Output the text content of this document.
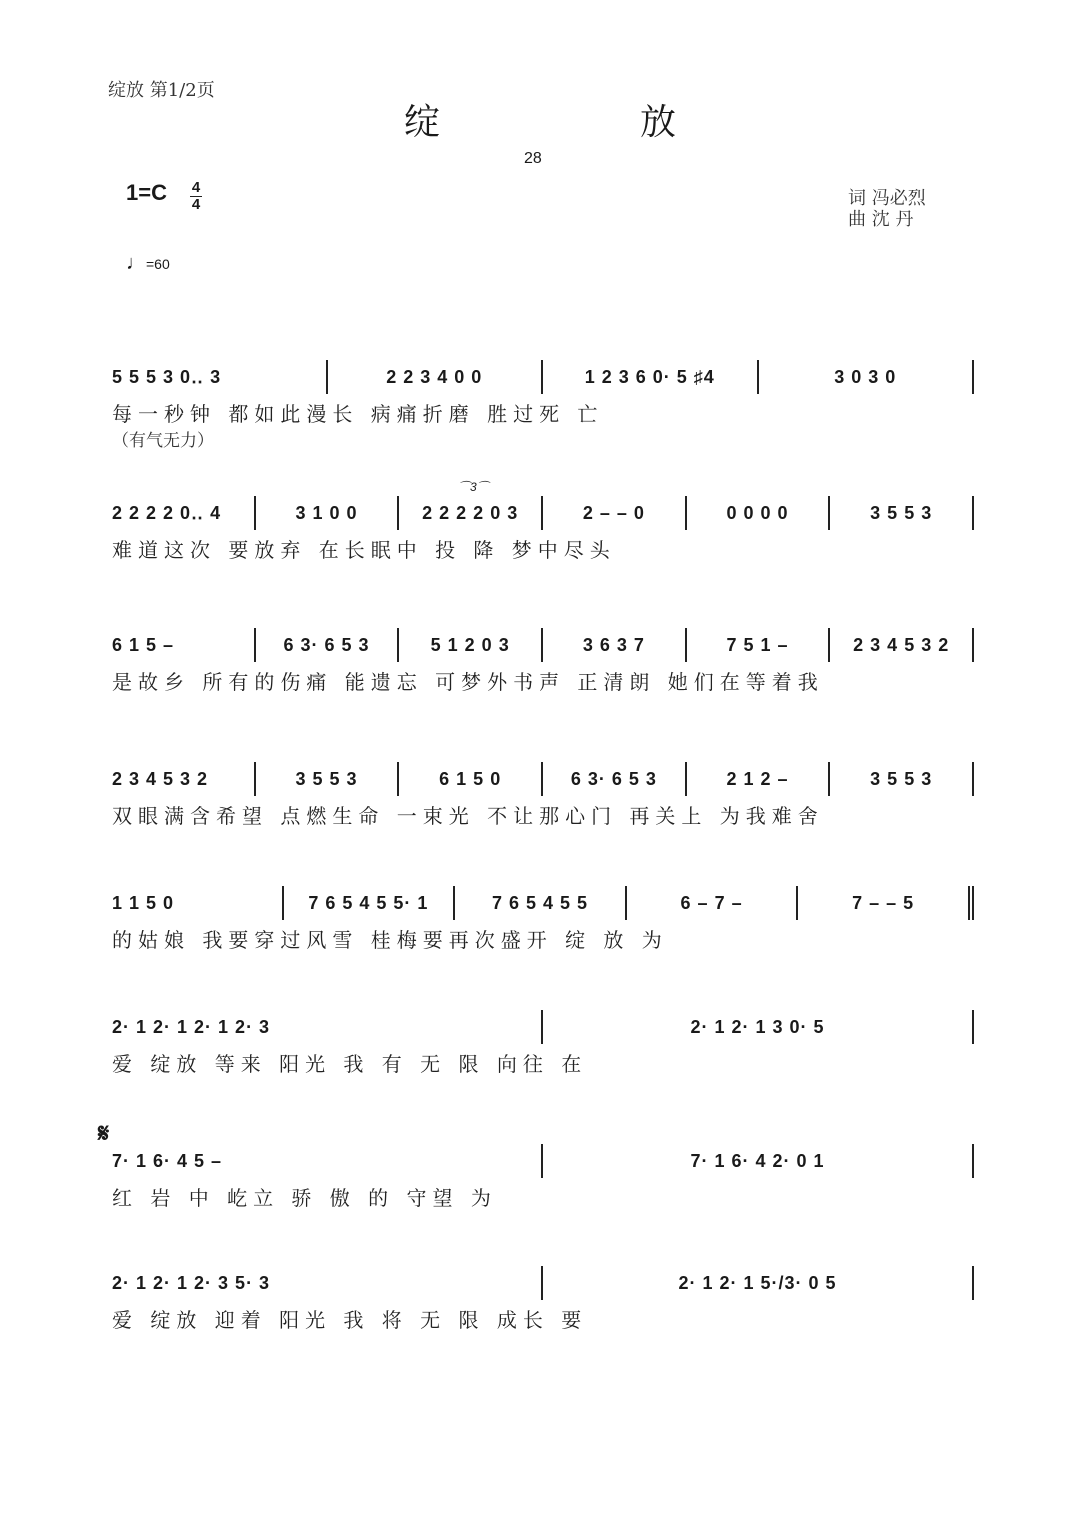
绽放 第1/2页
绽	放
28
1=C 4
4	词 冯必烈
曲 沈 丹
♩=60
𝄋
5 5 5 3 0‥ 3	2 2 3 4 0 0	1 2 3 6 0· 5 ♯4	3 0 3 0
每一秒钟 都如此漫长 病痛折磨 胜过死 亡
（有气无力）
⌒3⌒
2 2 2 2 0‥ 4	3 1 0 0	2 2 2 2 0 3	2 – – 0	0 0 0 0	3 5 5 3
难道这次 要放弃 在长眠中 投 降 梦中尽头
6 1 5 –	6 3· 6 5 3	5 1 2 0 3	3 6 3 7	7 5 1 –	2 3 4 5 3 2
是故乡 所有的伤痛 能遗忘 可梦外书声 正清朗 她们在等着我
2 3 4 5 3 2	3 5 5 3	6 1 5 0	6 3· 6 5 3	2 1 2 –	3 5 5 3
双眼满含希望 点燃生命 一束光 不让那心门 再关上 为我难舍
1 1 5 0	7 6 5 4 5 5· 1	7 6 5 4 5 5	6 – 7 –	7 – – 5
的姑娘 我要穿过风雪 桂梅要再次盛开 绽 放 为
2· 1 2· 1 2· 1 2· 3	2· 1 2· 1 3 0· 5
爱 绽放 等来 阳光 我 有 无 限 向往 在
7· 1 6· 4 5 –	7· 1 6· 4 2· 0 1
红 岩 中 屹立 骄 傲 的 守望 为
2· 1 2· 1 2· 3 5· 3	2· 1 2· 1 5·/3· 0 5
爱 绽放 迎着 阳光 我 将 无 限 成长 要
